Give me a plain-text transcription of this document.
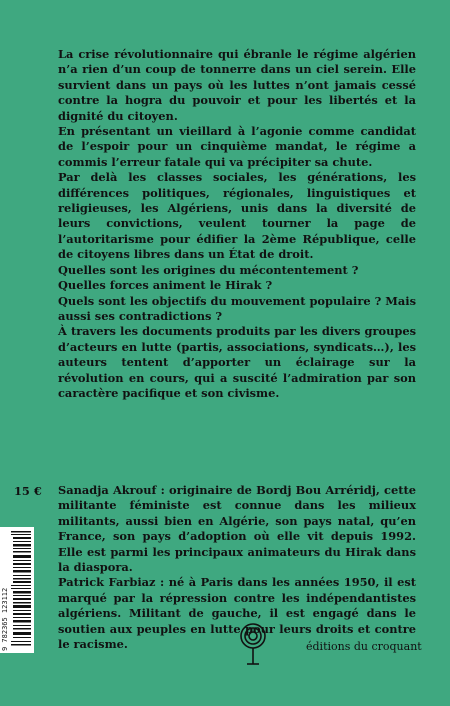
La crise révolutionnaire qui ébranle le régime algérien n’a rien d’un coup de tonnerre dans un ciel serein. Elle survient dans un pays où les luttes n’ont jamais cessé contre la hogra du pouvoir et pour les libertés et la dignité du citoyen.

En présentant un vieillard à l’agonie comme candidat de l’espoir pour un cinquième mandat, le régime a commis l’erreur fatale qui va précipiter sa chute.

Par delà les classes sociales, les générations, les différences politiques, régionales, linguistiques et religieuses, les Algériens, unis dans la diversité de leurs convictions, veulent tourner la page de l’autoritarisme pour édifier la 2ème République, celle de citoyens libres dans un État de droit.

Quelles sont les origines du mécontentement ?

Quelles forces animent le Hirak ?

Quels sont les objectifs du mouvement populaire ? Mais aussi ses contradictions ?

À travers les documents produits par les divers groupes d’acteurs en lutte (partis, associations, syndicats…), les auteurs tentent d’apporter un éclairage sur la révolution en cours, qui a suscité l’admiration par son caractère pacifique et son civisme.

15 €
9 782365 123112

Sanadja Akrouf : originaire de Bordj Bou Arréridj, cette militante féministe est connue dans les milieux militants, aussi bien en Algérie, son pays natal, qu’en France, son pays d’adoption où elle vit depuis 1992. Elle est parmi les principaux animateurs du Hirak dans la diaspora.

Patrick Farbiaz : né à Paris dans les années 1950, il est marqué par la répression contre les indépendantistes algériens. Militant de gauche, il est engagé dans le soutien aux peuples en lutte pour leurs droits et contre le racisme.	éditions du croquant
